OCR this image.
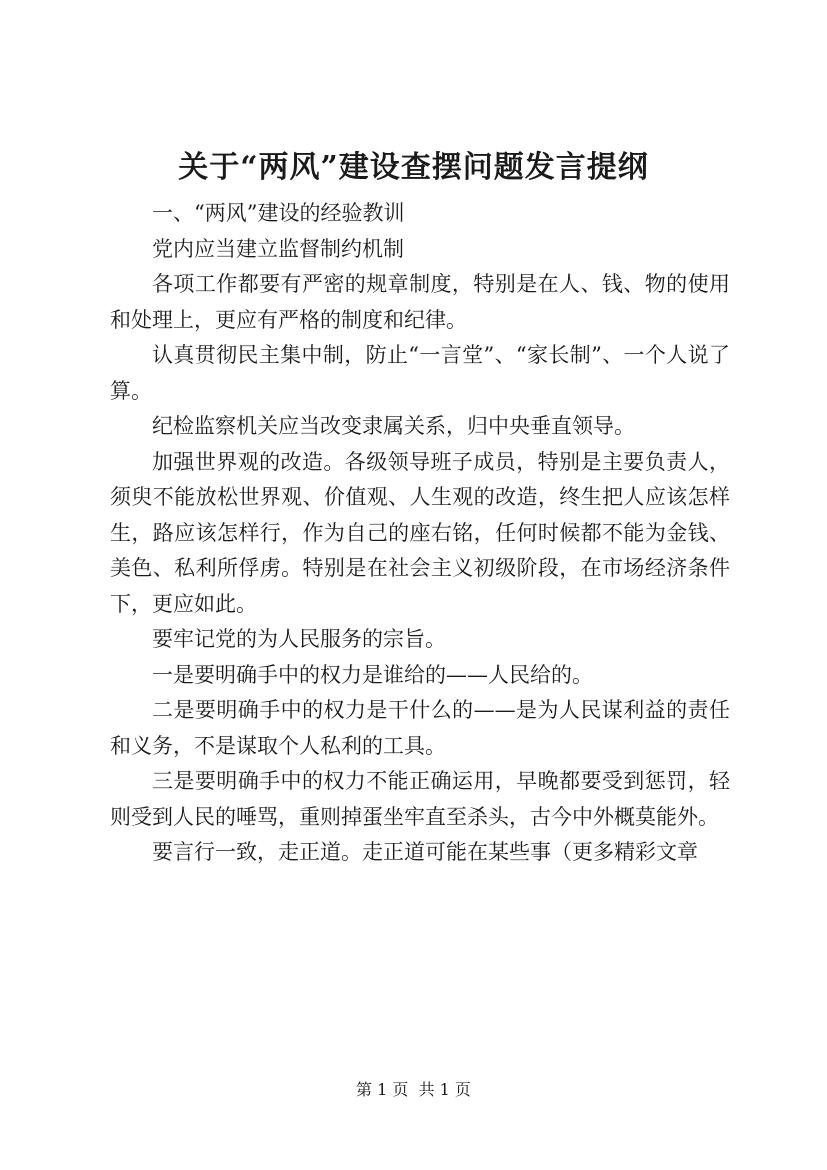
关于“两风”建设查摆问题发言提纲

一、“两风”建设的经验教训

党内应当建立监督制约机制

各项工作都要有严密的规章制度，特别是在人、钱、物的使用和处理上，更应有严格的制度和纪律。

认真贯彻民主集中制，防止“一言堂”、“家长制”、一个人说了算。

纪检监察机关应当改变隶属关系，归中央垂直领导。

加强世界观的改造。各级领导班子成员，特别是主要负责人，须臾不能放松世界观、价值观、人生观的改造，终生把人应该怎样生，路应该怎样行，作为自己的座右铭，任何时候都不能为金钱、美色、私利所俘虏。特别是在社会主义初级阶段，在市场经济条件下，更应如此。

要牢记党的为人民服务的宗旨。

一是要明确手中的权力是谁给的——人民给的。

二是要明确手中的权力是干什么的——是为人民谋利益的责任和义务，不是谋取个人私利的工具。

三是要明确手中的权力不能正确运用，早晚都要受到惩罚，轻则受到人民的唾骂，重则掉蛋坐牢直至杀头，古今中外概莫能外。

要言行一致，走正道。走正道可能在某些事（更多精彩文章

第 1 页  共 1 页
